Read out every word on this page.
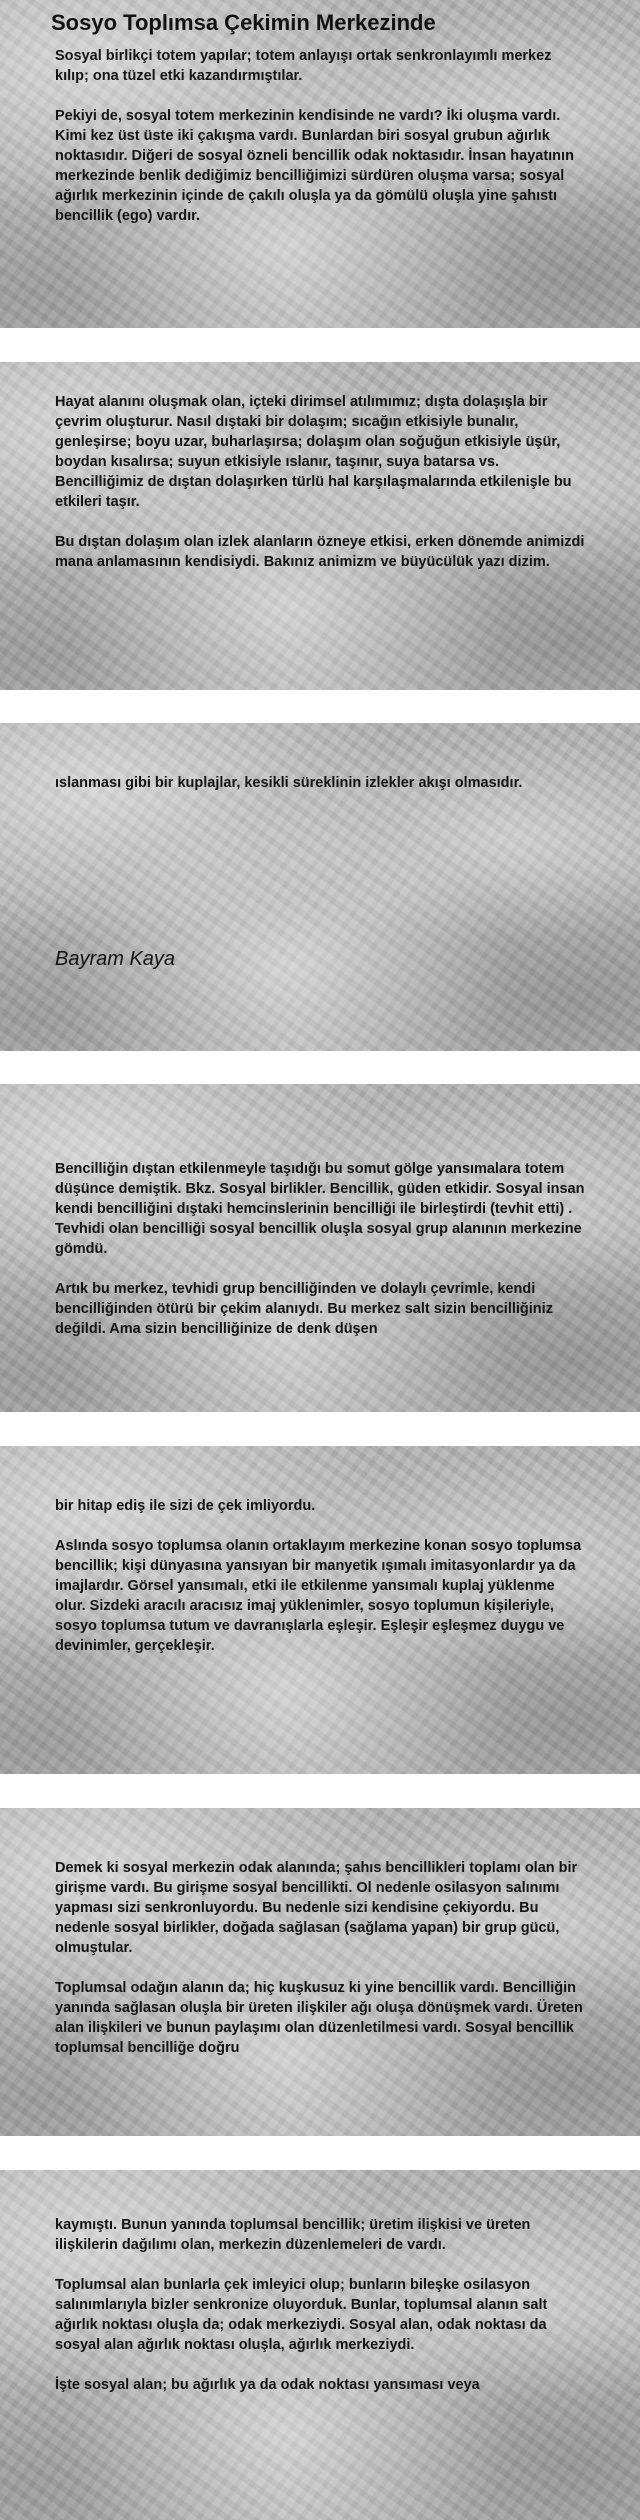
Sosyo Toplımsa Çekimin Merkezinde

Sosyal birlikçi totem yapılar; totem anlayışı ortak senkronlayımlı merkez kılıp; ona tüzel etki kazandırmıştılar.

Pekiyi de, sosyal totem merkezinin kendisinde ne vardı? İki oluşma vardı. Kimi kez üst üste iki çakışma vardı. Bunlardan biri sosyal grubun ağırlık noktasıdır. Diğeri de sosyal özneli bencillik odak noktasıdır. İnsan hayatının merkezinde benlik dediğimiz bencilliğimizi sürdüren oluşma varsa; sosyal ağırlık merkezinin içinde de çakılı oluşla ya da gömülü oluşla yine şahıstı bencillik (ego) vardır.

Hayat alanını oluşmak olan, içteki dirimsel atılımımız; dışta dolaşışla bir çevrim oluşturur. Nasıl dıştaki bir dolaşım; sıcağın etkisiyle bunalır, genleşirse; boyu uzar, buharlaşırsa; dolaşım olan soğuğun etkisiyle üşür, boydan kısalırsa; suyun etkisiyle ıslanır, taşınır, suya batarsa vs. Bencilliğimiz de dıştan dolaşırken türlü hal karşılaşmalarında etkilenişle bu etkileri taşır.

Bu dıştan dolaşım olan izlek alanların özneye etkisi, erken dönemde animizdi mana anlamasının kendisiydi. Bakınız animizm ve büyücülük yazı dizim.

ıslanması gibi bir kuplajlar, kesikli süreklinin izlekler akışı olmasıdır.

Bayram Kaya

Bencilliğin dıştan etkilenmeyle taşıdığı bu somut gölge yansımalara totem düşünce demiştik. Bkz. Sosyal birlikler. Bencillik, güden etkidir. Sosyal insan kendi bencilliğini dıştaki hemcinslerinin bencilliği ile birleştirdi (tevhit etti) . Tevhidi olan bencilliği sosyal bencillik oluşla sosyal grup alanının merkezine gömdü.

Artık bu merkez, tevhidi grup bencilliğinden ve dolaylı çevrimle, kendi bencilliğinden ötürü bir çekim alanıydı. Bu merkez salt sizin bencilliğiniz değildi. Ama sizin bencilliğinize de denk düşen

bir hitap ediş ile sizi de çek imliyordu.

Aslında sosyo toplumsa olanın ortaklayım merkezine konan sosyo toplumsa bencillik; kişi dünyasına yansıyan bir manyetik ışımalı imitasyonlardır ya da imajlardır. Görsel yansımalı, etki ile etkilenme yansımalı kuplaj yüklenme olur. Sizdeki aracılı aracısız imaj yüklenimler, sosyo toplumun kişileriyle, sosyo toplumsa tutum ve davranışlarla eşleşir. Eşleşir eşleşmez duygu ve devinimler, gerçekleşir.

Demek ki sosyal merkezin odak alanında; şahıs bencillikleri toplamı olan bir girişme vardı. Bu girişme sosyal bencillikti. Ol nedenle osilasyon salınımı yapması sizi senkronluyordu. Bu nedenle sizi kendisine çekiyordu. Bu nedenle sosyal birlikler, doğada sağlasan (sağlama yapan) bir grup gücü, olmuştular.

Toplumsal odağın alanın da; hiç kuşkusuz ki yine bencillik vardı. Bencilliğin yanında sağlasan oluşla bir üreten ilişkiler ağı oluşa dönüşmek vardı. Üreten alan ilişkileri ve bunun paylaşımı olan düzenletilmesi vardı. Sosyal bencillik toplumsal bencilliğe doğru

kaymıştı. Bunun yanında toplumsal bencillik; üretim ilişkisi ve üreten ilişkilerin dağılımı olan, merkezin düzenlemeleri de vardı.

Toplumsal alan bunlarla çek imleyici olup; bunların bileşke osilasyon salınımlarıyla bizler senkronize oluyorduk. Bunlar, toplumsal alanın salt ağırlık noktası oluşla da; odak merkeziydi. Sosyal alan, odak noktası da sosyal alan ağırlık noktası oluşla, ağırlık merkeziydi.

İşte sosyal alan; bu ağırlık ya da odak noktası yansıması veya
